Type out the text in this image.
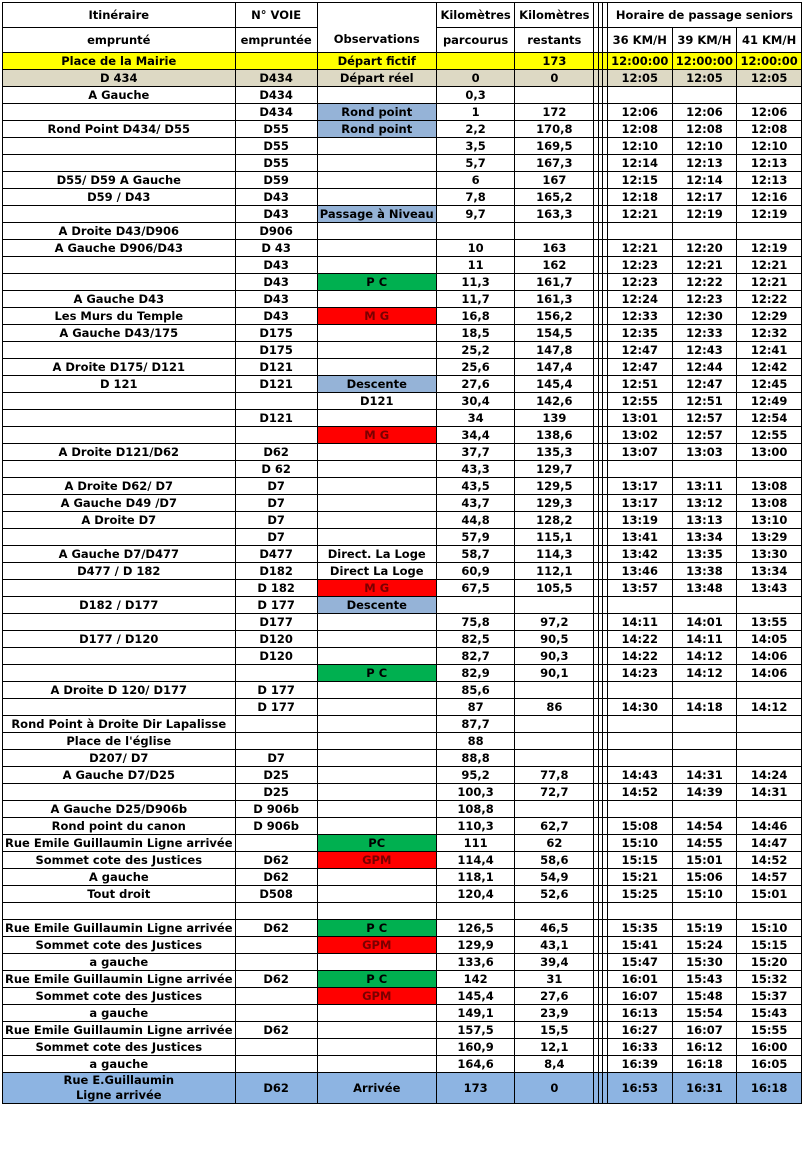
Itinéraire	N° VOIE		Kilomètres	Kilomètres				Horaire de passage seniors		
emprunté	empruntée	Observations	parcourus	restants				36 KM/H	39 KM/H	41 KM/H

Place de la Mairie		Départ fictif		173				12:00:00	12:00:00	12:00:00

D 434	D434	Départ réel	0	0				12:05	12:05	12:05

A Gauche	D434		0,3							

	D434	Rond point	1	172				12:06	12:06	12:06

Rond Point D434/ D55	D55	Rond point	2,2	170,8				12:08	12:08	12:08

	D55		3,5	169,5				12:10	12:10	12:10

	D55		5,7	167,3				12:14	12:13	12:13

D55/ D59 A Gauche	D59		6	167				12:15	12:14	12:13

D59 / D43	D43		7,8	165,2				12:18	12:17	12:16

	D43	Passage à Niveau	9,7	163,3				12:21	12:19	12:19

A Droite D43/D906	D906									

A Gauche D906/D43	D 43		10	163				12:21	12:20	12:19

	D43		11	162				12:23	12:21	12:21

	D43	P C	11,3	161,7				12:23	12:22	12:21

A Gauche D43	D43		11,7	161,3				12:24	12:23	12:22

Les Murs du Temple	D43	M G	16,8	156,2				12:33	12:30	12:29

A Gauche D43/175	D175		18,5	154,5				12:35	12:33	12:32

	D175		25,2	147,8				12:47	12:43	12:41

A Droite D175/ D121	D121		25,6	147,4				12:47	12:44	12:42

D 121	D121	Descente	27,6	145,4				12:51	12:47	12:45

		D121	30,4	142,6				12:55	12:51	12:49

	D121		34	139				13:01	12:57	12:54

		M G	34,4	138,6				13:02	12:57	12:55

A Droite D121/D62	D62		37,7	135,3				13:07	13:03	13:00

	D 62		43,3	129,7						

A Droite D62/ D7	D7		43,5	129,5				13:17	13:11	13:08

A Gauche D49 /D7	D7		43,7	129,3				13:17	13:12	13:08

A Droite D7	D7		44,8	128,2				13:19	13:13	13:10

	D7		57,9	115,1				13:41	13:34	13:29

A Gauche D7/D477	D477	Direct. La Loge	58,7	114,3				13:42	13:35	13:30

D477 / D 182	D182	Direct La Loge	60,9	112,1				13:46	13:38	13:34

	D 182	M G	67,5	105,5				13:57	13:48	13:43

D182 / D177	D 177	Descente								

	D177		75,8	97,2				14:11	14:01	13:55

D177 / D120	D120		82,5	90,5				14:22	14:11	14:05

	D120		82,7	90,3				14:22	14:12	14:06

		P C	82,9	90,1				14:23	14:12	14:06

A Droite D 120/ D177	D 177		85,6							

	D 177		87	86				14:30	14:18	14:12

Rond Point à Droite Dir Lapalisse			87,7							

Place de l'église			88							

D207/ D7	D7		88,8							

A Gauche D7/D25	D25		95,2	77,8				14:43	14:31	14:24

	D25		100,3	72,7				14:52	14:39	14:31

A Gauche D25/D906b	D 906b		108,8							

Rond point du canon	D 906b		110,3	62,7				15:08	14:54	14:46

Rue Emile Guillaumin Ligne arrivée		PC	111	62				15:10	14:55	14:47

Sommet cote des Justices	D62	GPM	114,4	58,6				15:15	15:01	14:52

A gauche	D62		118,1	54,9				15:21	15:06	14:57

Tout droit	D508		120,4	52,6				15:25	15:10	15:01

Rue Emile Guillaumin Ligne arrivée	D62	P C	126,5	46,5				15:35	15:19	15:10

Sommet cote des Justices		GPM	129,9	43,1				15:41	15:24	15:15

a gauche			133,6	39,4				15:47	15:30	15:20

Rue Emile Guillaumin Ligne arrivée	D62	P C	142	31				16:01	15:43	15:32

Sommet cote des Justices		GPM	145,4	27,6				16:07	15:48	15:37

a gauche			149,1	23,9				16:13	15:54	15:43

Rue Emile Guillaumin Ligne arrivée	D62		157,5	15,5				16:27	16:07	15:55

Sommet cote des Justices			160,9	12,1				16:33	16:12	16:00

a gauche			164,6	8,4				16:39	16:18	16:05

Rue E.Guillaumin
Ligne arrivée	D62	Arrivée	173	0				16:53	16:31	16:18
